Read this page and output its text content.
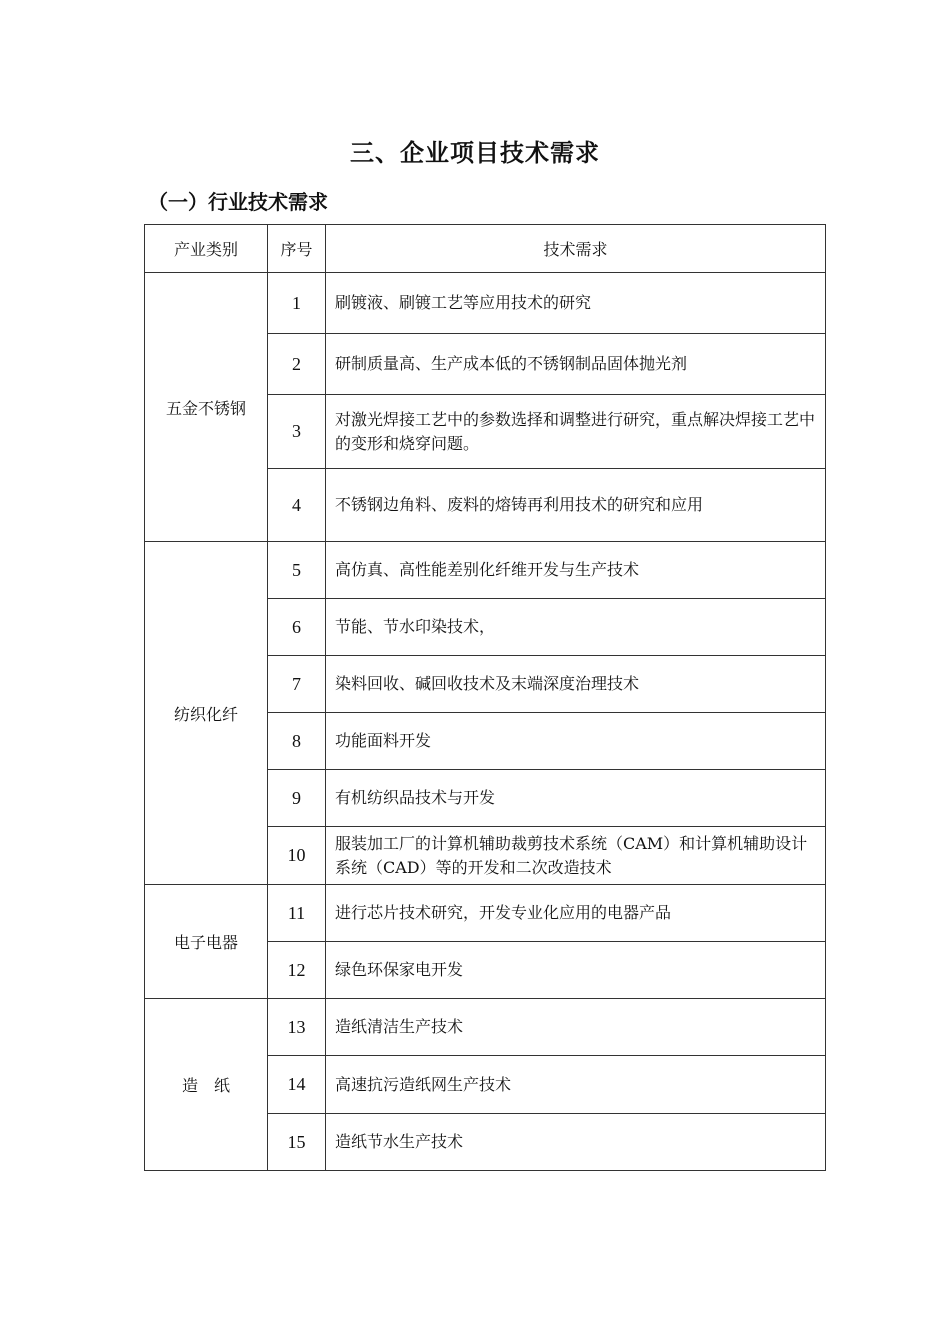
三、企业项目技术需求
（一）行业技术需求
产业类别	序号	技术需求
五金不锈钢	1	刷镀液、刷镀工艺等应用技术的研究
	2	研制质量高、生产成本低的不锈钢制品固体抛光剂
	3	对激光焊接工艺中的参数选择和调整进行研究，重点解决焊接工艺中的变形和烧穿问题。
	4	不锈钢边角料、废料的熔铸再利用技术的研究和应用
纺织化纤	5	高仿真、高性能差别化纤维开发与生产技术
	6	节能、节水印染技术，
	7	染料回收、碱回收技术及末端深度治理技术
	8	功能面料开发
	9	有机纺织品技术与开发
	10	服装加工厂的计算机辅助裁剪技术系统（CAM）和计算机辅助设计系统（CAD）等的开发和二次改造技术
电子电器	11	进行芯片技术研究，开发专业化应用的电器产品
	12	绿色环保家电开发
造　纸	13	造纸清洁生产技术
	14	高速抗污造纸网生产技术
	15	造纸节水生产技术
